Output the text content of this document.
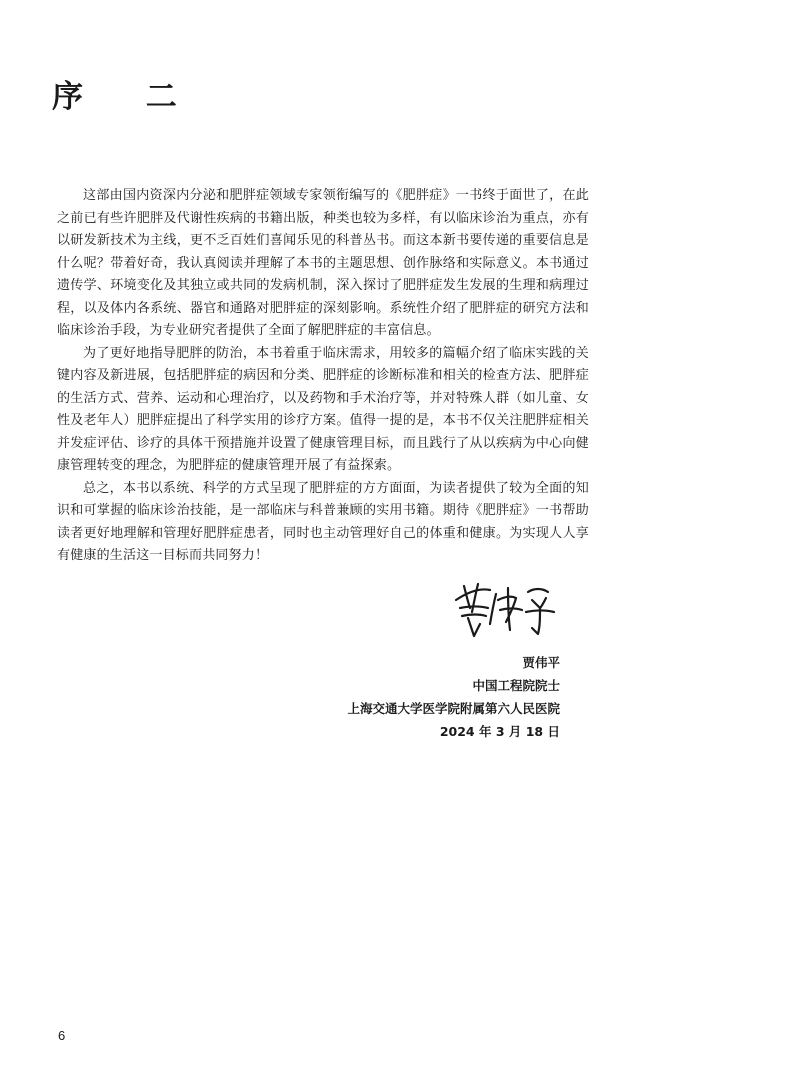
序 二

这部由国内资深内分泌和肥胖症领域专家领衔编写的《肥胖症》一书终于面世了，在此之前已有些许肥胖及代谢性疾病的书籍出版，种类也较为多样，有以临床诊治为重点，亦有以研发新技术为主线，更不乏百姓们喜闻乐见的科普丛书。而这本新书要传递的重要信息是什么呢？带着好奇，我认真阅读并理解了本书的主题思想、创作脉络和实际意义。本书通过遗传学、环境变化及其独立或共同的发病机制，深入探讨了肥胖症发生发展的生理和病理过程，以及体内各系统、器官和通路对肥胖症的深刻影响。系统性介绍了肥胖症的研究方法和临床诊治手段，为专业研究者提供了全面了解肥胖症的丰富信息。

为了更好地指导肥胖的防治，本书着重于临床需求，用较多的篇幅介绍了临床实践的关键内容及新进展，包括肥胖症的病因和分类、肥胖症的诊断标准和相关的检查方法、肥胖症的生活方式、营养、运动和心理治疗，以及药物和手术治疗等，并对特殊人群（如儿童、女性及老年人）肥胖症提出了科学实用的诊疗方案。值得一提的是，本书不仅关注肥胖症相关并发症评估、诊疗的具体干预措施并设置了健康管理目标，而且践行了从以疾病为中心向健康管理转变的理念，为肥胖症的健康管理开展了有益探索。

总之，本书以系统、科学的方式呈现了肥胖症的方方面面，为读者提供了较为全面的知识和可掌握的临床诊治技能，是一部临床与科普兼顾的实用书籍。期待《肥胖症》一书帮助读者更好地理解和管理好肥胖症患者，同时也主动管理好自己的体重和健康。为实现人人享有健康的生活这一目标而共同努力！

贾伟平
中国工程院院士
上海交通大学医学院附属第六人民医院
2024 年 3 月 18 日
6
